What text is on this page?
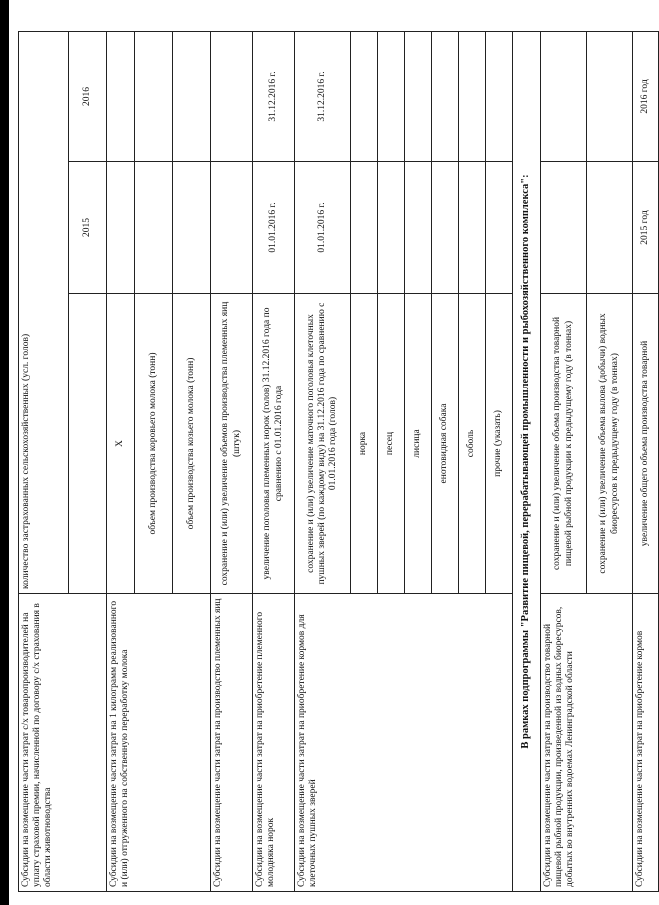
Субсидии на возмещение части затрат с/х товаропроизводителей на уплату страховой премии, начисленной по договору с/х страхования в области животноводства	количество застрахованных сельскохозяйственных (усл. голов)		
		2015	2016
Субсидии на возмещение части затрат на 1 килограмм реализованного и (или) отгруженного на собственную переработку молока	Х		
	объем производства коровьего молока (тонн)		
	объем производства козьего молока (тонн)		
Субсидии на возмещение части затрат на производство племенных яиц	сохранение и (или) увеличение объемов производства племенных яиц (штук)		
Субсидии на возмещение части затрат на приобретение племенного молодняка норок	увеличение поголовья племенных норок (голов) 31.12.2016 года по сравнению с 01.01.2016 года	01.01.2016 г.	31.12.2016 г.
Субсидии на возмещение части затрат на приобретение кормов для клеточных пушных зверей	сохранение и (или) увеличение маточного поголовья клеточных пушных зверей (по каждому виду) на 31.12.2016 года по сравнению с 01.01.2016 года (голов)	01.01.2016 г.	31.12.2016 г.
	норка		
	песец		
	лисица		
	енотовидная собака		
	соболь		
	прочие (указать)		
В рамках подпрограммы "Развитие пищевой, перерабатывающей промышленности и рыбохозяйственного комплекса":			
Субсидии на возмещение части затрат на производство товарной пищевой рыбной продукции, произведенной из водных биоресурсов, добытых во внутренних водоемах Ленинградской области	сохранение и (или) увеличение объема производства товарной пищевой рыбной продукции к предыдущему году (в тоннах)		
	сохранение и (или) увеличение объема вылова (добычи) водных биоресурсов к предыдущему году (в тоннах)		
Субсидии на возмещение части затрат на приобретение кормов	увеличение общего объема производства товарной	2015 год	2016 год
